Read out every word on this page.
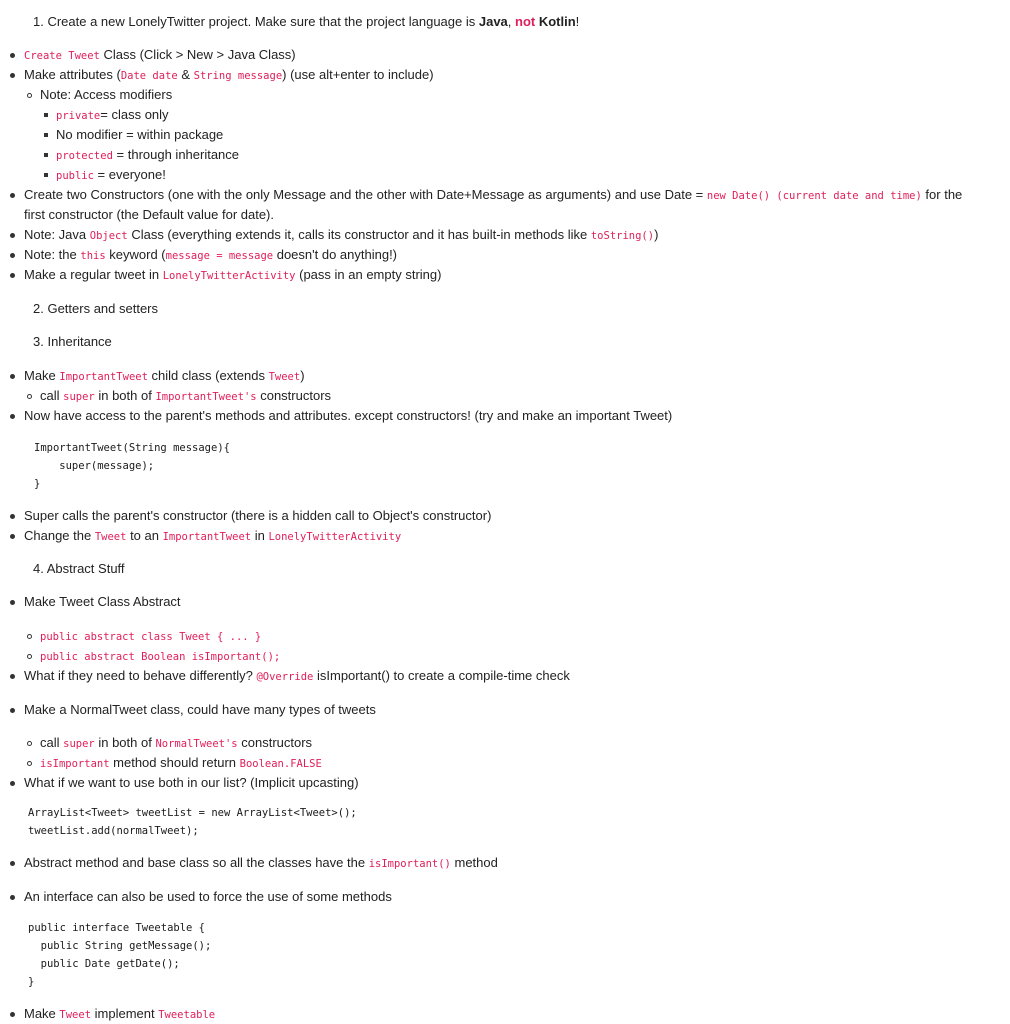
1. Create a new LonelyTwitter project. Make sure that the project language is Java, not Kotlin!
Create Tweet Class (Click > New > Java Class)
Make attributes (Date date & String message) (use alt+enter to include)
Note: Access modifiers
private= class only
No modifier = within package
protected = through inheritance
public = everyone!
Create two Constructors (one with the only Message and the other with Date+Message as arguments) and use Date = new Date() (current date and time) for the
first constructor (the Default value for date).
Note: Java Object Class (everything extends it, calls its constructor and it has built-in methods like toString())
Note: the this keyword (message = message doesn't do anything!)
Make a regular tweet in LonelyTwitterActivity (pass in an empty string)
2. Getters and setters
3. Inheritance
Make ImportantTweet child class (extends Tweet)
call super in both of ImportantTweet's constructors
Now have access to the parent's methods and attributes. except constructors! (try and make an important Tweet)
ImportantTweet(String message){
super(message);
}
Super calls the parent's constructor (there is a hidden call to Object's constructor)
Change the Tweet to an ImportantTweet in LonelyTwitterActivity
4. Abstract Stuff
Make Tweet Class Abstract
public abstract class Tweet { ... }
public abstract Boolean isImportant();
What if they need to behave differently? @Override isImportant() to create a compile-time check
Make a NormalTweet class, could have many types of tweets
call super in both of NormalTweet's constructors
isImportant method should return Boolean.FALSE
What if we want to use both in our list? (Implicit upcasting)
ArrayList<Tweet> tweetList = new ArrayList<Tweet>();
tweetList.add(normalTweet);
Abstract method and base class so all the classes have the isImportant() method
An interface can also be used to force the use of some methods
public interface Tweetable {
public String getMessage();
public Date getDate();
}
Make Tweet implement Tweetable
